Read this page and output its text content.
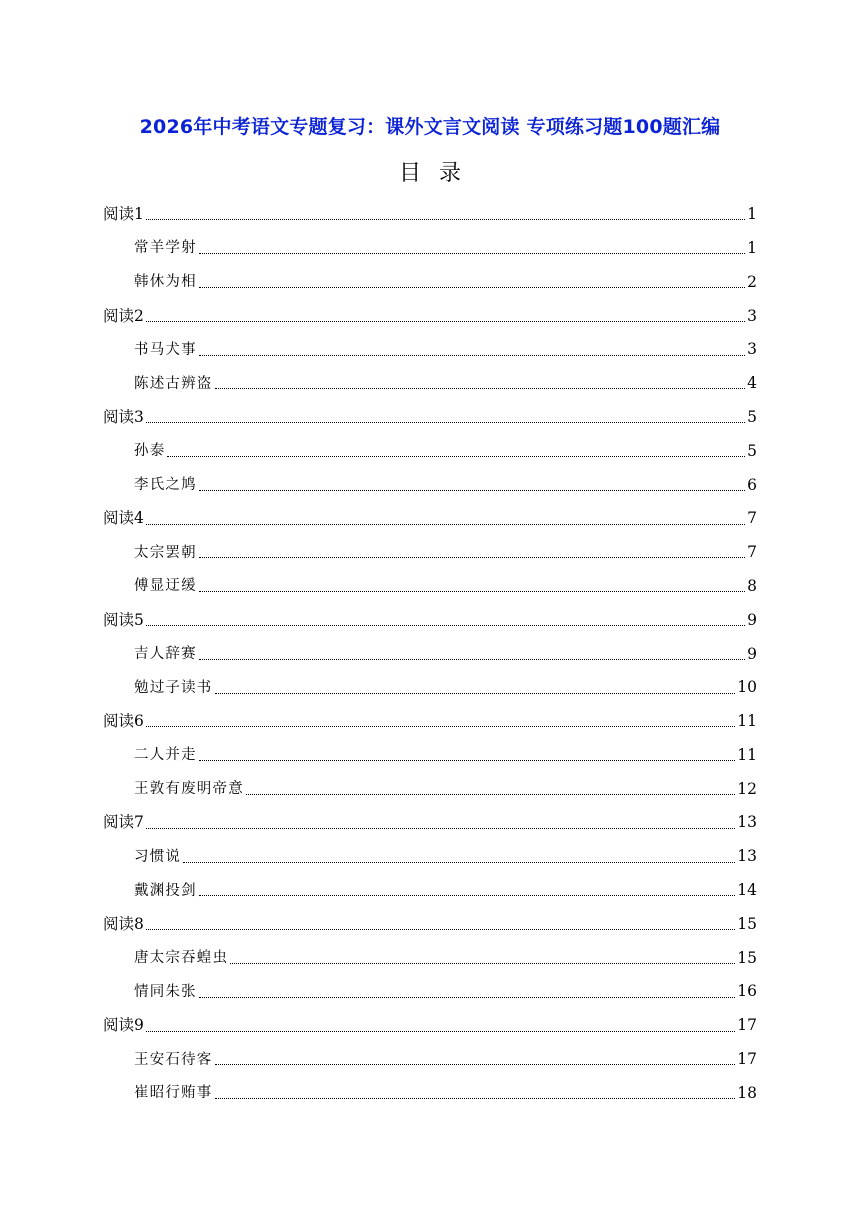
2026年中考语文专题复习：课外文言文阅读 专项练习题100题汇编
目录
阅读1	1
常羊学射	1
韩休为相	2
阅读2	3
书马犬事	3
陈述古辨盗	4
阅读3	5
孙泰	5
李氏之鸠	6
阅读4	7
太宗罢朝	7
傅显迂缓	8
阅读5	9
吉人辞赛	9
勉过子读书	10
阅读6	11
二人并走	11
王敦有废明帝意	12
阅读7	13
习惯说	13
戴渊投剑	14
阅读8	15
唐太宗吞蝗虫	15
情同朱张	16
阅读9	17
王安石待客	17
崔昭行贿事	18
